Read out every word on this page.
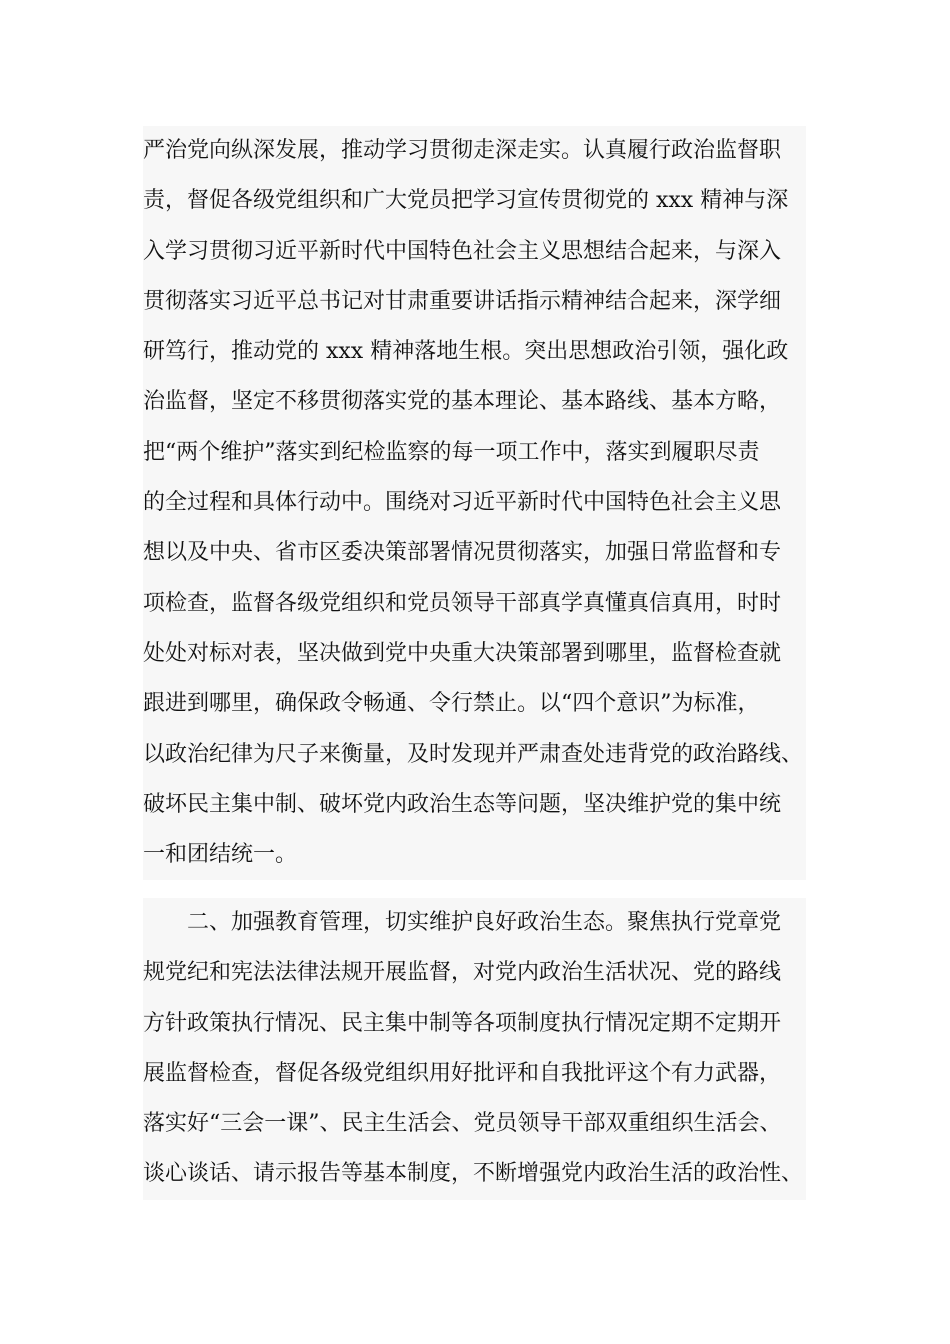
严治党向纵深发展，推动学习贯彻走深走实。认真履行政治监督职
责，督促各级党组织和广大党员把学习宣传贯彻党的 xxx 精神与深
入学习贯彻习近平新时代中国特色社会主义思想结合起来，与深入
贯彻落实习近平总书记对甘肃重要讲话指示精神结合起来，深学细
研笃行，推动党的 xxx 精神落地生根。突出思想政治引领，强化政
治监督，坚定不移贯彻落实党的基本理论、基本路线、基本方略，
把“两个维护”落实到纪检监察的每一项工作中，落实到履职尽责
的全过程和具体行动中。围绕对习近平新时代中国特色社会主义思
想以及中央、省市区委决策部署情况贯彻落实，加强日常监督和专
项检查，监督各级党组织和党员领导干部真学真懂真信真用，时时
处处对标对表，坚决做到党中央重大决策部署到哪里，监督检查就
跟进到哪里，确保政令畅通、令行禁止。以“四个意识”为标准，
以政治纪律为尺子来衡量，及时发现并严肃查处违背党的政治路线、
破坏民主集中制、破坏党内政治生态等问题，坚决维护党的集中统
一和团结统一。
二、加强教育管理，切实维护良好政治生态。聚焦执行党章党
规党纪和宪法法律法规开展监督，对党内政治生活状况、党的路线
方针政策执行情况、民主集中制等各项制度执行情况定期不定期开
展监督检查，督促各级党组织用好批评和自我批评这个有力武器，
落实好“三会一课”、民主生活会、党员领导干部双重组织生活会、
谈心谈话、请示报告等基本制度，不断增强党内政治生活的政治性、
